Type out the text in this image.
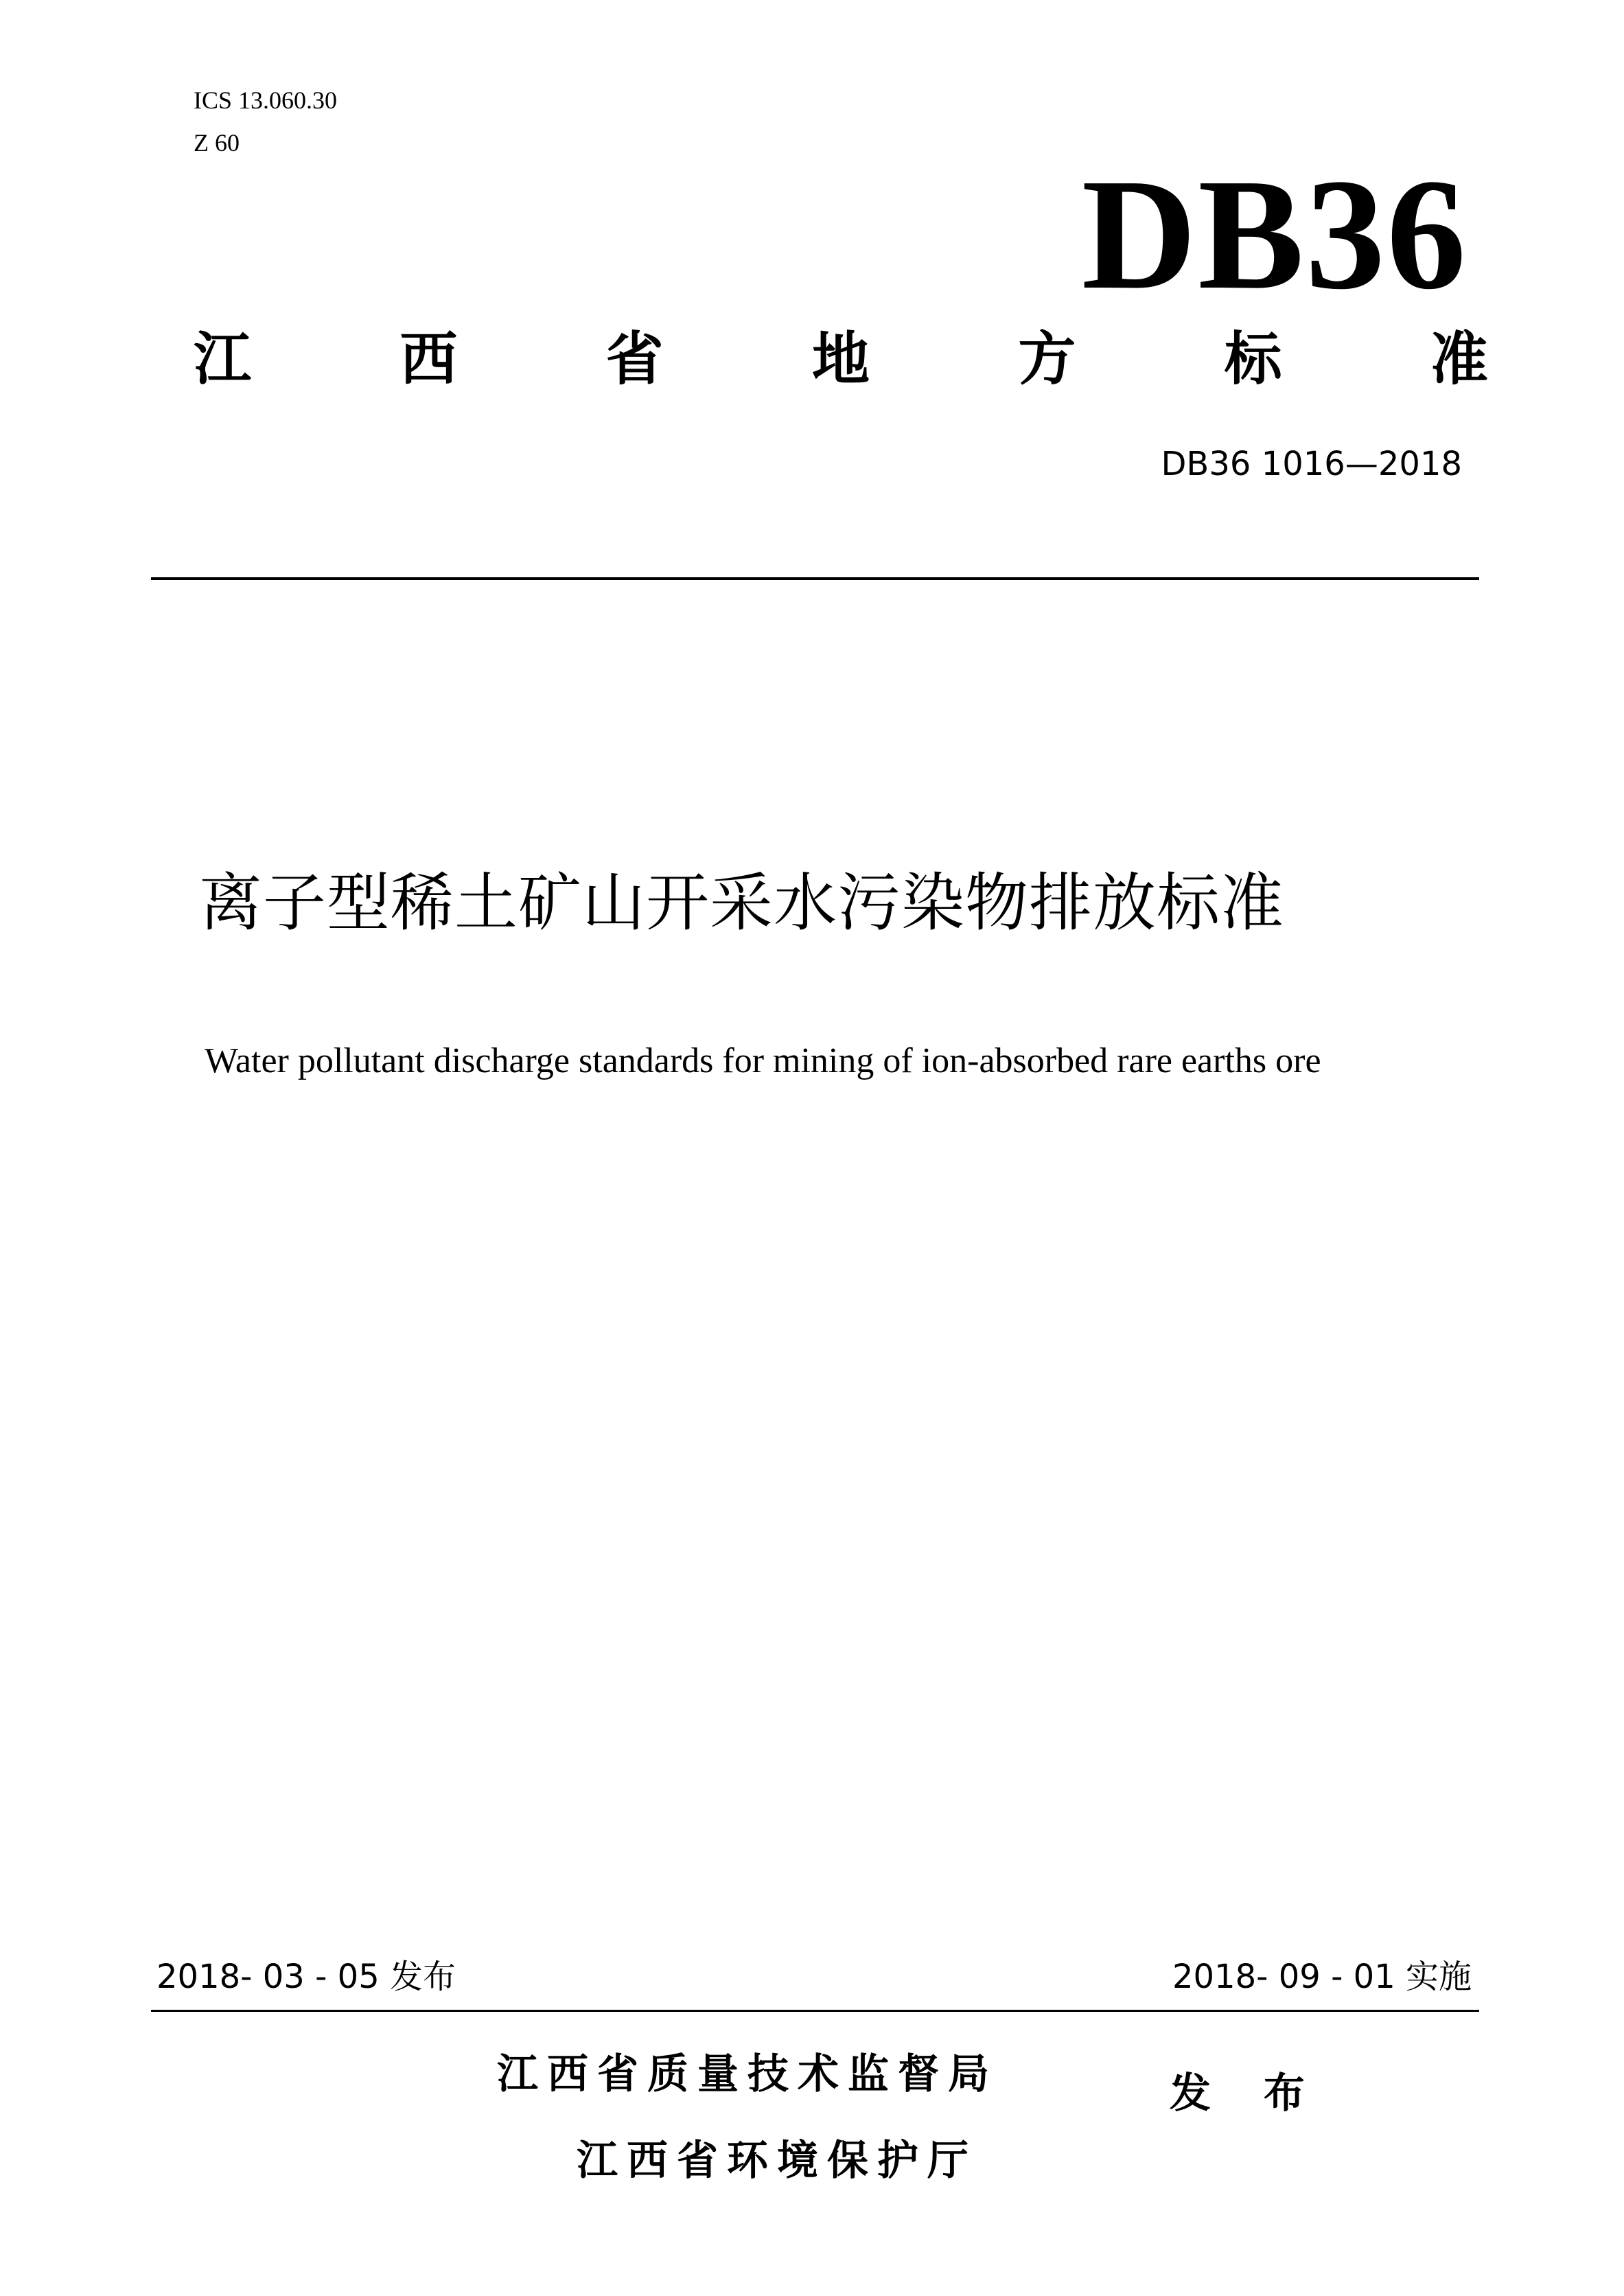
ICS 13.060.30
Z 60
DB36
江	西	省	地	方	标	准
DB36 1016—2018
离子型稀土矿山开采水污染物排放标准
Water pollutant discharge standards for mining of ion-absorbed rare earths ore
2018- 03 - 05 发布	2018- 09 - 01 实施
江西省质量技术监督局
江西省环境保护厅
发 布
